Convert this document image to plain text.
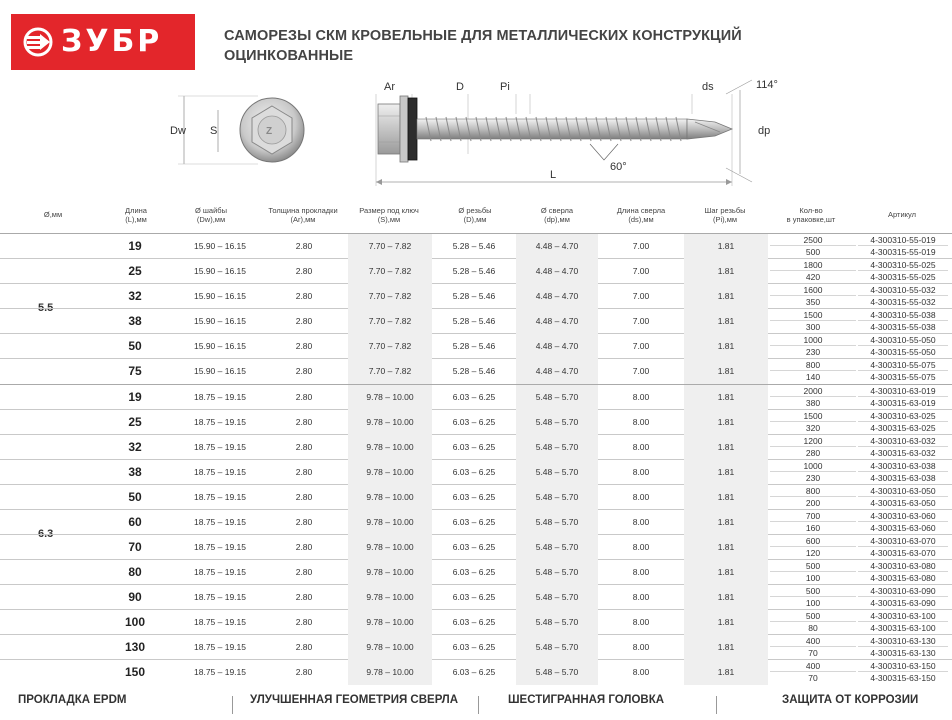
ЗУБР	САМОРЕЗЫ СКМ КРОВЕЛЬНЫЕ ДЛЯ МЕТАЛЛИЧЕСКИХ КОНСТРУКЦИЙ
ОЦИНКОВАННЫЕ
Z
Dw S
Ar	D	Pi	ds	114°
dp
60°
L
Ø,мм	Длина
(L),мм
Ø шайбы
(Dw),мм
Толщина прокладки
(Ar),мм
Размер под ключ
(S),мм
Ø резьбы
(D),мм
Ø сверла
(dp),мм
Длина сверла
(ds),мм
Шаг резьбы
(Pi),мм
Кол-во
в упаковке,шт
Артикул
5.5
19	15.90 – 16.15	2.80	7.70 – 7.82	5.28 – 5.46	4.48 – 4.70	7.00	1.81
2500	4-300310-55-019
500	4-300315-55-019
25	15.90 – 16.15	2.80	7.70 – 7.82	5.28 – 5.46	4.48 – 4.70	7.00	1.81
1800	4-300310-55-025
420	4-300315-55-025
32	15.90 – 16.15	2.80	7.70 – 7.82	5.28 – 5.46	4.48 – 4.70	7.00	1.81
1600	4-300310-55-032
350	4-300315-55-032
38	15.90 – 16.15	2.80	7.70 – 7.82	5.28 – 5.46	4.48 – 4.70	7.00	1.81
1500	4-300310-55-038
300	4-300315-55-038
50	15.90 – 16.15	2.80	7.70 – 7.82	5.28 – 5.46	4.48 – 4.70	7.00	1.81
1000	4-300310-55-050
230	4-300315-55-050
75	15.90 – 16.15	2.80	7.70 – 7.82	5.28 – 5.46	4.48 – 4.70	7.00	1.81
800	4-300310-55-075
140	4-300315-55-075
6.3
19	18.75 – 19.15	2.80	9.78 – 10.00	6.03 – 6.25	5.48 – 5.70	8.00	1.81
2000	4-300310-63-019
380	4-300315-63-019
25	18.75 – 19.15	2.80	9.78 – 10.00	6.03 – 6.25	5.48 – 5.70	8.00	1.81
1500	4-300310-63-025
320	4-300315-63-025
32	18.75 – 19.15	2.80	9.78 – 10.00	6.03 – 6.25	5.48 – 5.70	8.00	1.81
1200	4-300310-63-032
280	4-300315-63-032
38	18.75 – 19.15	2.80	9.78 – 10.00	6.03 – 6.25	5.48 – 5.70	8.00	1.81
1000	4-300310-63-038
230	4-300315-63-038
50	18.75 – 19.15	2.80	9.78 – 10.00	6.03 – 6.25	5.48 – 5.70	8.00	1.81
800	4-300310-63-050
200	4-300315-63-050
60	18.75 – 19.15	2.80	9.78 – 10.00	6.03 – 6.25	5.48 – 5.70	8.00	1.81
700	4-300310-63-060
160	4-300315-63-060
70	18.75 – 19.15	2.80	9.78 – 10.00	6.03 – 6.25	5.48 – 5.70	8.00	1.81
600	4-300310-63-070
120	4-300315-63-070
80	18.75 – 19.15	2.80	9.78 – 10.00	6.03 – 6.25	5.48 – 5.70	8.00	1.81
500	4-300310-63-080
100	4-300315-63-080
90	18.75 – 19.15	2.80	9.78 – 10.00	6.03 – 6.25	5.48 – 5.70	8.00	1.81
500	4-300310-63-090
100	4-300315-63-090
100	18.75 – 19.15	2.80	9.78 – 10.00	6.03 – 6.25	5.48 – 5.70	8.00	1.81
500	4-300310-63-100
80	4-300315-63-100
130	18.75 – 19.15	2.80	9.78 – 10.00	6.03 – 6.25	5.48 – 5.70	8.00	1.81
400	4-300310-63-130
70	4-300315-63-130
150	18.75 – 19.15	2.80	9.78 – 10.00	6.03 – 6.25	5.48 – 5.70	8.00	1.81
400	4-300310-63-150
70	4-300315-63-150
ПРОКЛАДКА EPDM	УЛУЧШЕННАЯ ГЕОМЕТРИЯ СВЕРЛА	ШЕСТИГРАННАЯ ГОЛОВКА	ЗАЩИТА ОТ КОРРОЗИИ
